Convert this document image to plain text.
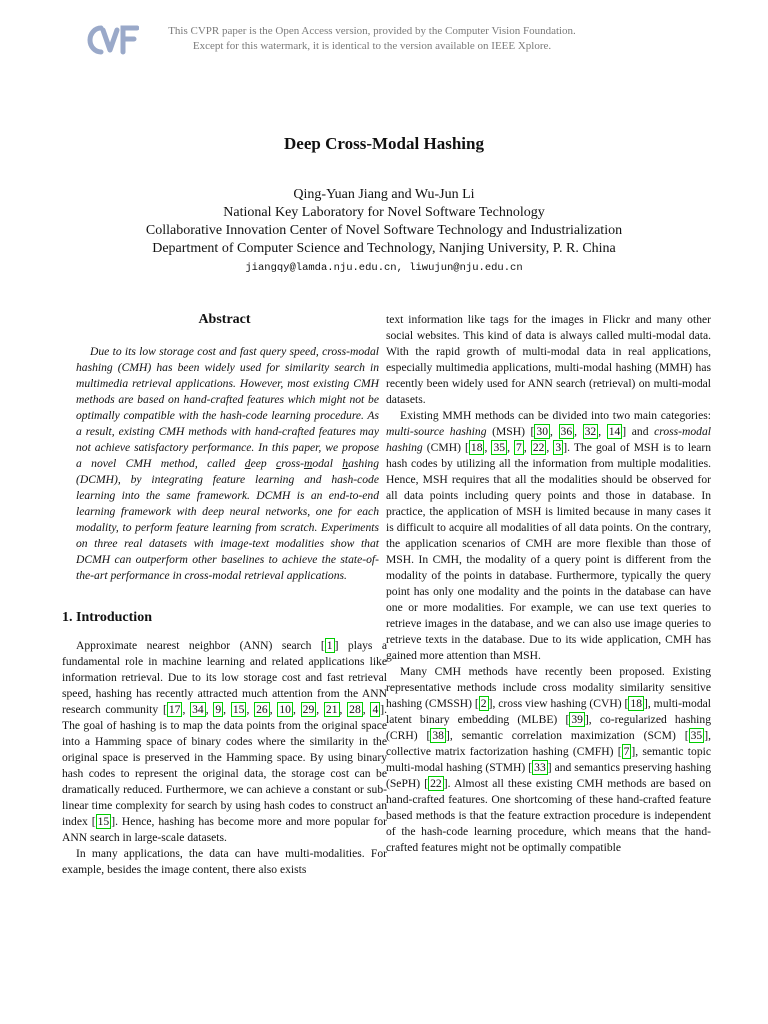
This CVPR paper is the Open Access version, provided by the Computer Vision Foundation.
Except for this watermark, it is identical to the version available on IEEE Xplore.
Deep Cross-Modal Hashing
Qing-Yuan Jiang and Wu-Jun Li
National Key Laboratory for Novel Software Technology
Collaborative Innovation Center of Novel Software Technology and Industrialization
Department of Computer Science and Technology, Nanjing University, P. R. China
jiangqy@lamda.nju.edu.cn, liwujun@nju.edu.cn
Abstract

Due to its low storage cost and fast query speed, cross-modal hashing (CMH) has been widely used for similarity search in multimedia retrieval applications. However, most existing CMH methods are based on hand-crafted features which might not be optimally compatible with the hash-code learning procedure. As a result, existing CMH methods with hand-crafted features may not achieve satisfactory performance. In this paper, we propose a novel CMH method, called deep cross-modal hashing (DCMH), by integrating feature learning and hash-code learning into the same framework. DCMH is an end-to-end learning framework with deep neural networks, one for each modality, to perform feature learning from scratch. Experiments on three real datasets with image-text modalities show that DCMH can outperform other baselines to achieve the state-of-the-art performance in cross-modal retrieval applications.

1. Introduction

Approximate nearest neighbor (ANN) search [ 1 ] plays a fundamental role in machine learning and related applications like information retrieval. Due to its low storage cost and fast retrieval speed, hashing has recently attracted much attention from the ANN research community [ 17 , 34 , 9 , 15 , 26 , 10 , 29 , 21 , 28 , 4 ]. The goal of hashing is to map the data points from the original space into a Hamming space of binary codes where the similarity in the original space is preserved in the Hamming space. By using binary hash codes to represent the original data, the storage cost can be dramatically reduced. Furthermore, we can achieve a constant or sub-linear time complexity for search by using hash codes to construct an index [ 15 ]. Hence, hashing has become more and more popular for ANN search in large-scale datasets.

In many applications, the data can have multi-modalities. For example, besides the image content, there also exists

text information like tags for the images in Flickr and many other social websites. This kind of data is always called multi-modal data. With the rapid growth of multi-modal data in real applications, especially multimedia applications, multi-modal hashing (MMH) has recently been widely used for ANN search (retrieval) on multi-modal datasets.

Existing MMH methods can be divided into two main categories: multi-source hashing (MSH) [ 30 , 36 , 32 , 14 ] and cross-modal hashing (CMH) [ 18 , 35 , 7 , 22 , 3 ]. The goal of MSH is to learn hash codes by utilizing all the information from multiple modalities. Hence, MSH requires that all the modalities should be observed for all data points including query points and those in database. In practice, the application of MSH is limited because in many cases it is difficult to acquire all modalities of all data points. On the contrary, the application scenarios of CMH are more flexible than those of MSH. In CMH, the modality of a query point is different from the modality of the points in database. Furthermore, typically the query point has only one modality and the points in the database can have one or more modalities. For example, we can use text queries to retrieve images in the database, and we can also use image queries to retrieve texts in the database. Due to its wide application, CMH has gained more attention than MSH.

Many CMH methods have recently been proposed. Existing representative methods include cross modality similarity sensitive hashing (CMSSH) [ 2 ], cross view hashing (CVH) [ 18 ], multi-modal latent binary embedding (MLBE) [ 39 ], co-regularized hashing (CRH) [ 38 ], semantic correlation maximization (SCM) [ 35 ], collective matrix factorization hashing (CMFH) [ 7 ], semantic topic multi-modal hashing (STMH) [ 33 ] and semantics preserving hashing (SePH) [ 22 ]. Almost all these existing CMH methods are based on hand-crafted features. One shortcoming of these hand-crafted feature based methods is that the feature extraction procedure is independent of the hash-code learning procedure, which means that the hand-crafted features might not be optimally compatible
